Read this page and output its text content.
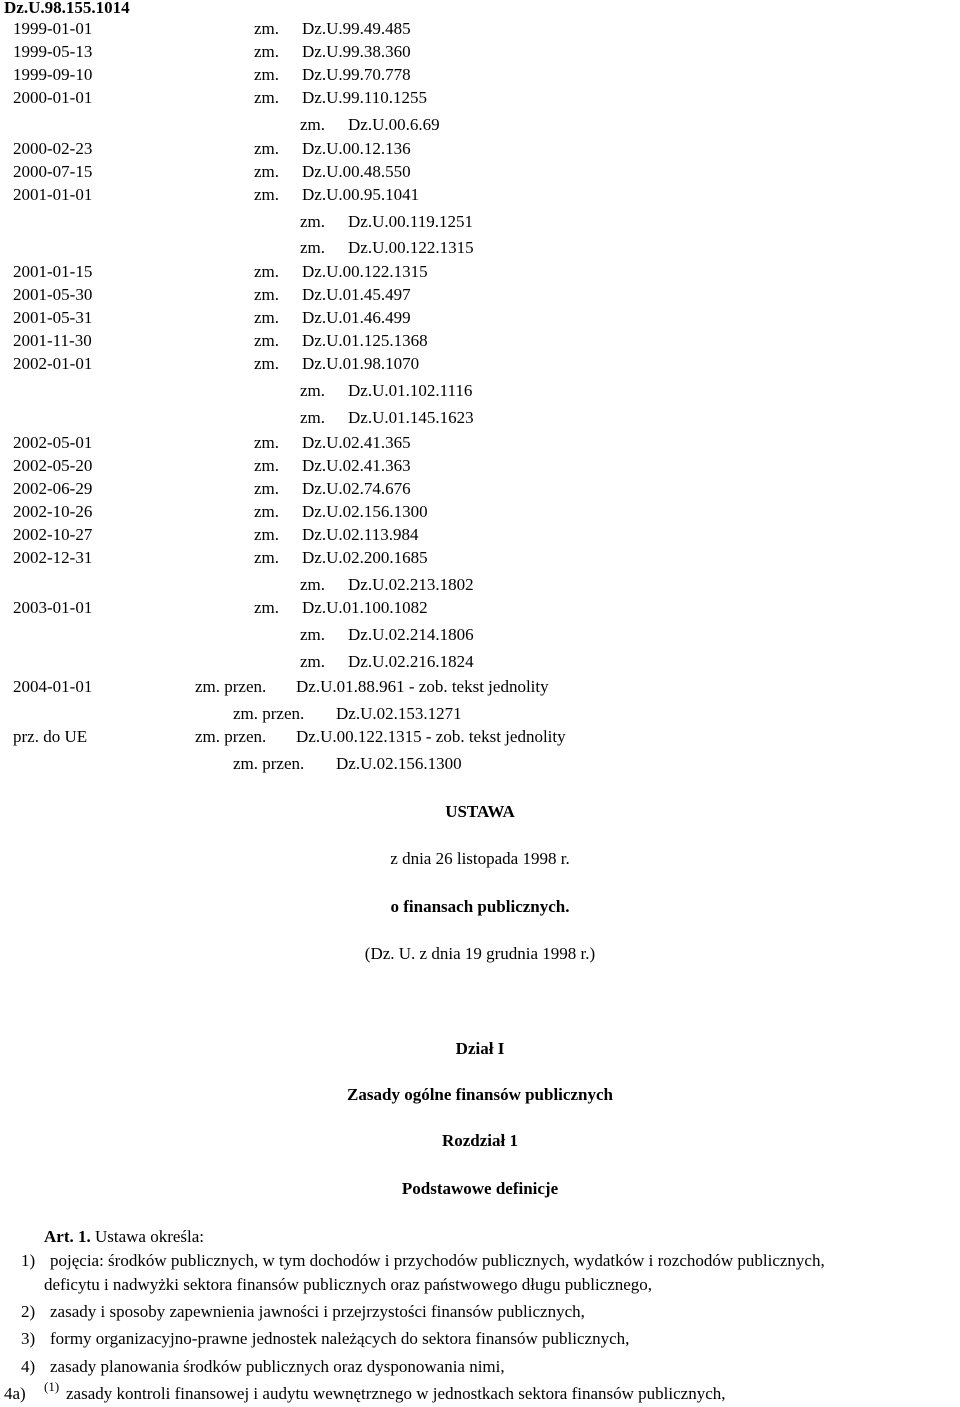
Dz.U.98.155.1014
1999-01-01	zm. Dz.U.99.49.485
1999-05-13	zm. Dz.U.99.38.360
1999-09-10	zm. Dz.U.99.70.778
2000-01-01	zm. Dz.U.99.110.1255
zm. Dz.U.00.6.69
2000-02-23	zm. Dz.U.00.12.136
2000-07-15	zm. Dz.U.00.48.550
2001-01-01	zm. Dz.U.00.95.1041
zm. Dz.U.00.119.1251
zm. Dz.U.00.122.1315
2001-01-15	zm. Dz.U.00.122.1315
2001-05-30	zm. Dz.U.01.45.497
2001-05-31	zm. Dz.U.01.46.499
2001-11-30	zm. Dz.U.01.125.1368
2002-01-01	zm. Dz.U.01.98.1070
zm. Dz.U.01.102.1116
zm. Dz.U.01.145.1623
2002-05-01	zm. Dz.U.02.41.365
2002-05-20	zm. Dz.U.02.41.363
2002-06-29	zm. Dz.U.02.74.676
2002-10-26	zm. Dz.U.02.156.1300
2002-10-27	zm. Dz.U.02.113.984
2002-12-31	zm. Dz.U.02.200.1685
zm. Dz.U.02.213.1802
2003-01-01	zm. Dz.U.01.100.1082
zm. Dz.U.02.214.1806
zm. Dz.U.02.216.1824
2004-01-01	zm. przen. Dz.U.01.88.961 - zob. tekst jednolity
zm. przen. Dz.U.02.153.1271
prz. do UE	zm. przen. Dz.U.00.122.1315 - zob. tekst jednolity
zm. przen. Dz.U.02.156.1300
USTAWA
z dnia 26 listopada 1998 r.
o finansach publicznych.
(Dz. U. z dnia 19 grudnia 1998 r.)
Dział I
Zasady ogólne finansów publicznych
Rozdział 1
Podstawowe definicje
Art. 1. Ustawa określa:
1) pojęcia: środków publicznych, w tym dochodów i przychodów publicznych, wydatków i rozchodów publicznych,
deficytu i nadwyżki sektora finansów publicznych oraz państwowego długu publicznego,
2) zasady i sposoby zapewnienia jawności i przejrzystości finansów publicznych,
3) formy organizacyjno-prawne jednostek należących do sektora finansów publicznych,
4) zasady planowania środków publicznych oraz dysponowania nimi,
4a) (1) zasady kontroli finansowej i audytu wewnętrznego w jednostkach sektora finansów publicznych,
